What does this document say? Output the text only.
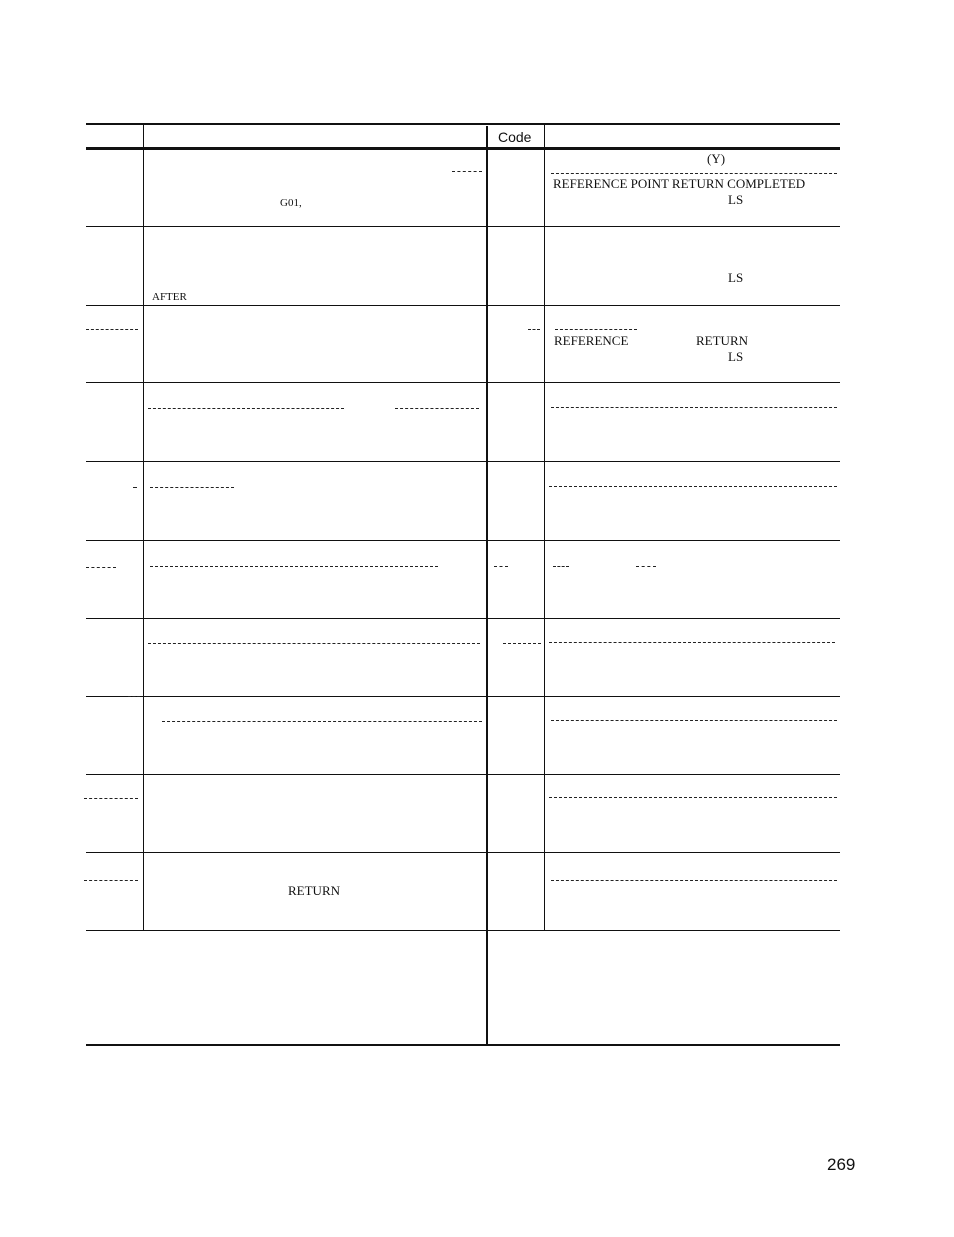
Code
G01,
(Y)
REFERENCE POINT RETURN COMPLETED
LS
AFTER
LS
REFERENCE	RETURN
LS
RETURN
269
